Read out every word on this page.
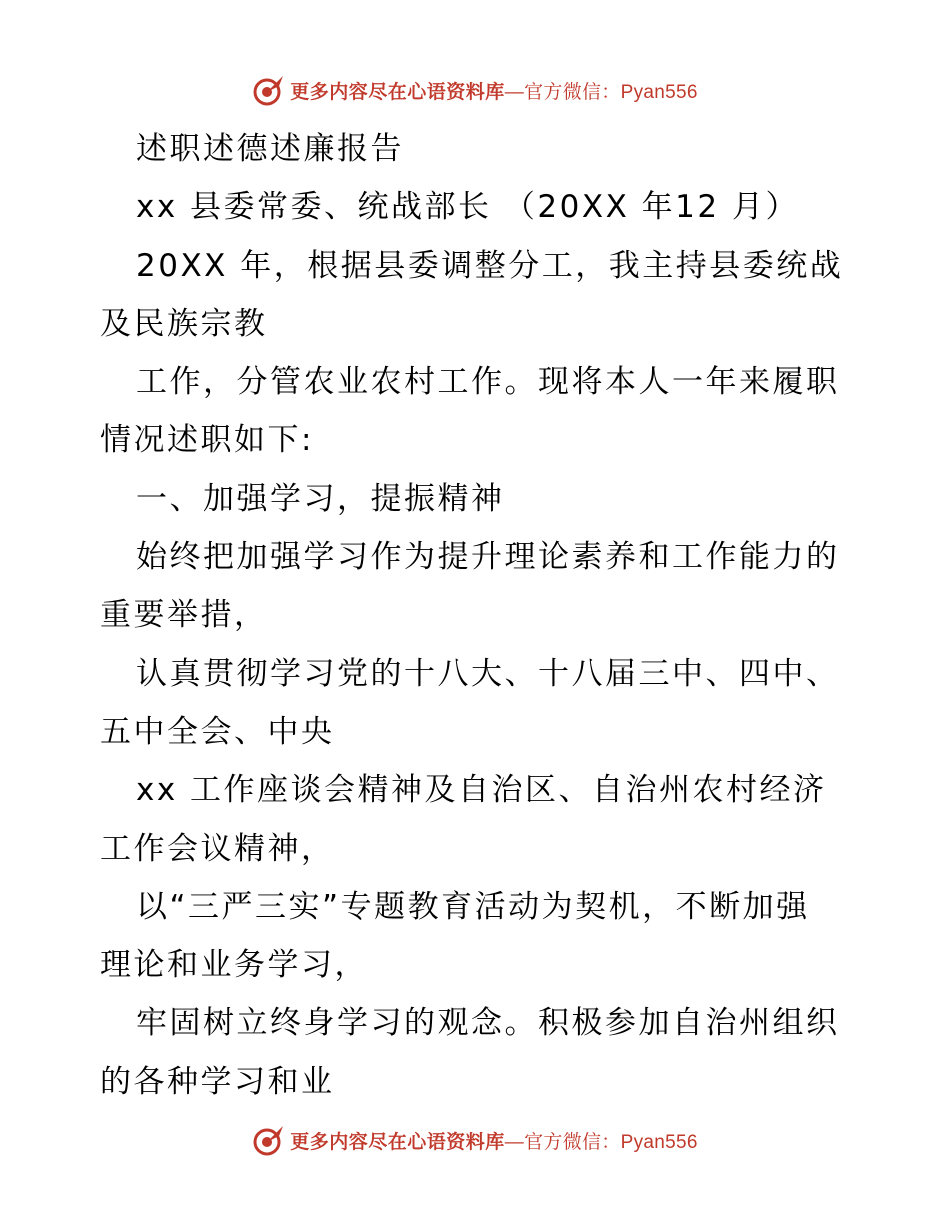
更多内容尽在心语资料库 —官方微信：Pyan556
述职述德述廉报告
xx 县委常委、统战部长 （20XX 年12 月）
20XX 年，根据县委调整分工，我主持县委统战
及民族宗教
工作，分管农业农村工作。现将本人一年来履职
情况述职如下:
一、加强学习，提振精神
始终把加强学习作为提升理论素养和工作能力的
重要举措，
认真贯彻学习党的十八大、十八届三中、四中、
五中全会、中央
xx 工作座谈会精神及自治区、自治州农村经济
工作会议精神，
以“三严三实”专题教育活动为契机，不断加强
理论和业务学习，
牢固树立终身学习的观念。积极参加自治州组织
的各种学习和业
更多内容尽在心语资料库 —官方微信：Pyan556
